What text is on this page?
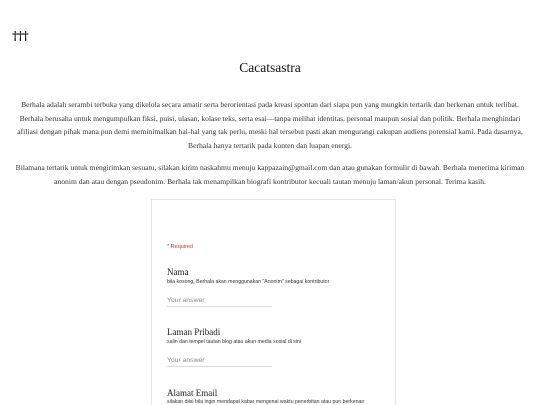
†††
Cacatsastra

Berhala adalah serambi terbuka yang dikelola secara amatir serta berorientasi pada kreasi spontan dari siapa pun yang mungkin tertarik dan berkenan untuk terlibat. Berhala berusaha untuk mengumpulkan fiksi, puisi, ulasan, kolase teks, serta esai—tanpa melihat identitas, personal maupun sosial dan politik. Berhala menghindari afiliasi dengan pihak mana pun demi meminimalkan hal-hal yang tak perlu, meski hal tersebut pasti akan mengurangi cakupan audiens potensial kami. Pada dasarnya, Berhala hanya tertarik pada konten dan luapan energi.

Bilamana tertarik untuk mengirimkan sesuatu, silakan kirim naskahmu menuju kappazain@gmail.com dan atau gunakan formulir di bawah. Berhala menerima kiriman anonim dan atau dengan pseudonim. Berhala tak menampilkan biografi kontributor kecuali tautan menuju laman/akun personal. Terima kasih.

* Required
Nama
bila kosong, Berhala akan menggunakan "Anonim" sebagai kontributor
Your answer
Laman Pribadi
salin dan tempel tautan blog atau akun media sosial di sini
Your answer
Alamat Email
silakan diisi bila ingin mendapat kabar mengenai waktu penerbitan atau pun berkenan
